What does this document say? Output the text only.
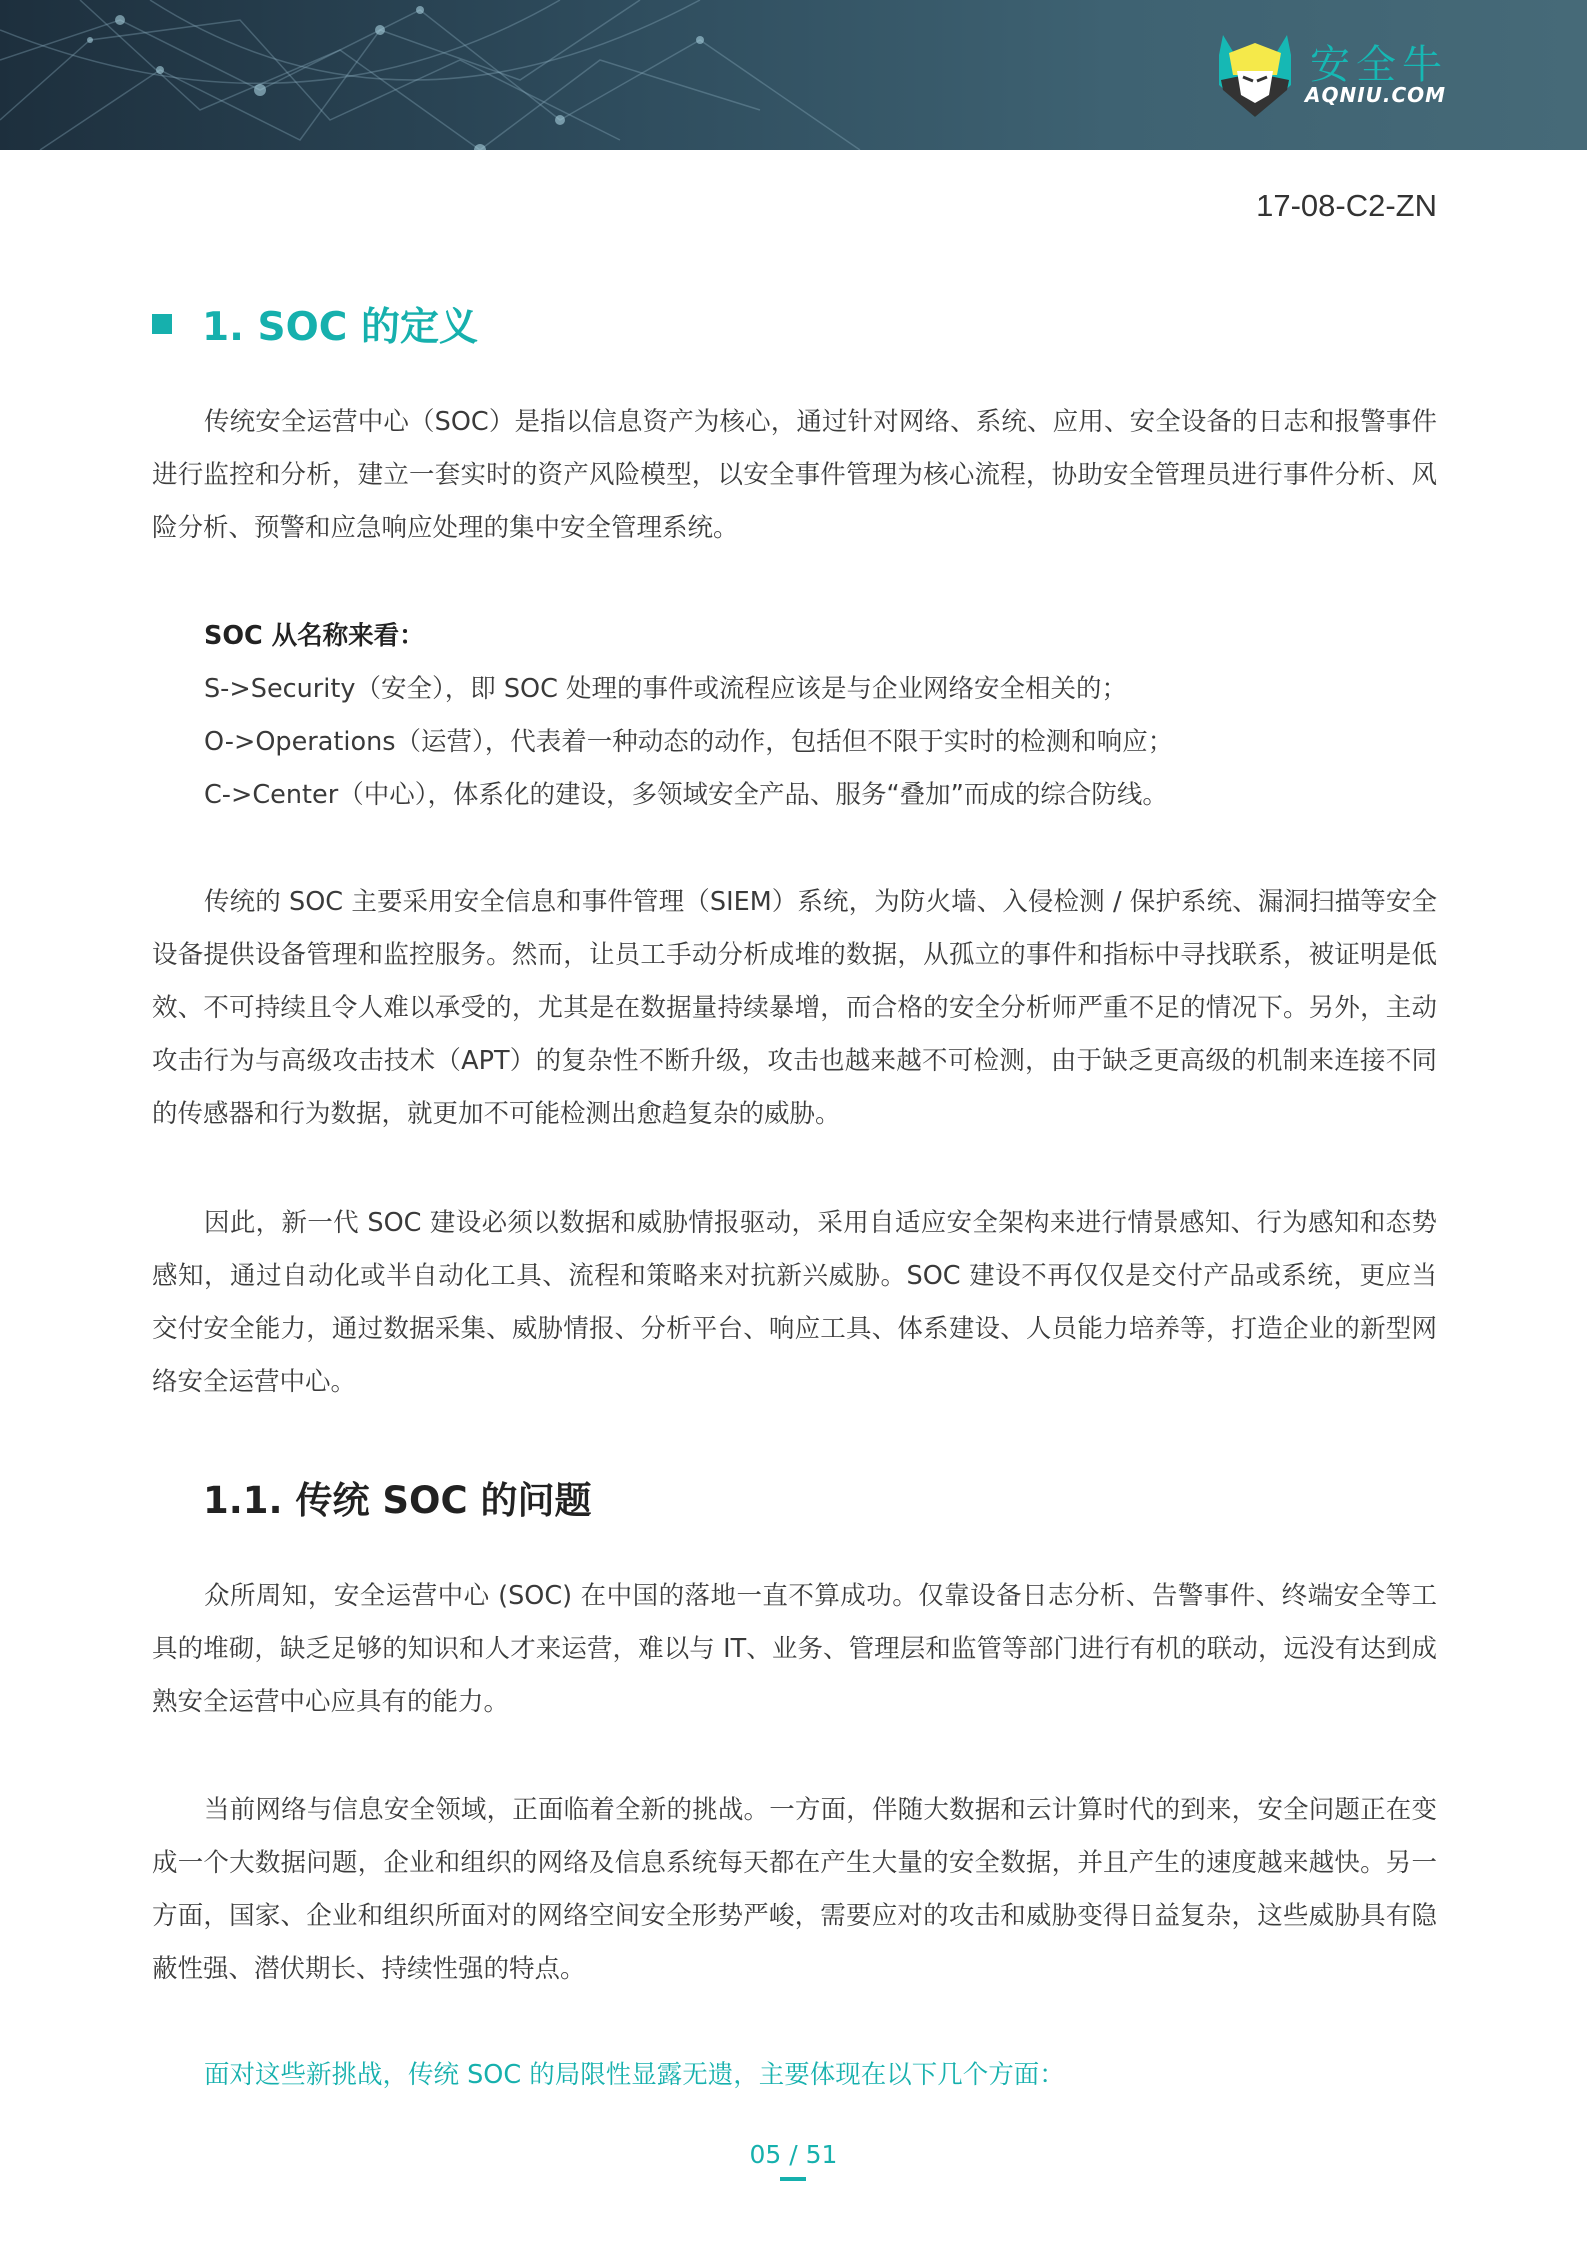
安全牛
AQNIU.COM
17-08-C2-ZN
1. SOC 的定义

传统安全运营中心（SOC）是指以信息资产为核心，通过针对网络、系统、应用、安全设备的日志和报警事件进行监控和分析，建立一套实时的资产风险模型，以安全事件管理为核心流程，协助安全管理员进行事件分析、风险分析、预警和应急响应处理的集中安全管理系统。

SOC 从名称来看：
S->Security（安全），即 SOC 处理的事件或流程应该是与企业网络安全相关的；
O->Operations（运营），代表着一种动态的动作，包括但不限于实时的检测和响应；
C->Center（中心），体系化的建设，多领域安全产品、服务“叠加”而成的综合防线。

传统的 SOC 主要采用安全信息和事件管理（SIEM）系统，为防火墙、入侵检测 / 保护系统、漏洞扫描等安全设备提供设备管理和监控服务。然而，让员工手动分析成堆的数据，从孤立的事件和指标中寻找联系，被证明是低效、不可持续且令人难以承受的，尤其是在数据量持续暴增，而合格的安全分析师严重不足的情况下。另外，主动攻击行为与高级攻击技术（APT）的复杂性不断升级，攻击也越来越不可检测，由于缺乏更高级的机制来连接不同的传感器和行为数据，就更加不可能检测出愈趋复杂的威胁。

因此，新一代 SOC 建设必须以数据和威胁情报驱动，采用自适应安全架构来进行情景感知、行为感知和态势感知，通过自动化或半自动化工具、流程和策略来对抗新兴威胁。SOC 建设不再仅仅是交付产品或系统，更应当交付安全能力，通过数据采集、威胁情报、分析平台、响应工具、体系建设、人员能力培养等，打造企业的新型网络安全运营中心。

1.1. 传统 SOC 的问题

众所周知，安全运营中心 (SOC) 在中国的落地一直不算成功。仅靠设备日志分析、告警事件、终端安全等工具的堆砌，缺乏足够的知识和人才来运营，难以与 IT、业务、管理层和监管等部门进行有机的联动，远没有达到成熟安全运营中心应具有的能力。

当前网络与信息安全领域，正面临着全新的挑战。一方面，伴随大数据和云计算时代的到来，安全问题正在变成一个大数据问题，企业和组织的网络及信息系统每天都在产生大量的安全数据，并且产生的速度越来越快。另一方面，国家、企业和组织所面对的网络空间安全形势严峻，需要应对的攻击和威胁变得日益复杂，这些威胁具有隐蔽性强、潜伏期长、持续性强的特点。

面对这些新挑战，传统 SOC 的局限性显露无遗，主要体现在以下几个方面：

05 / 51
